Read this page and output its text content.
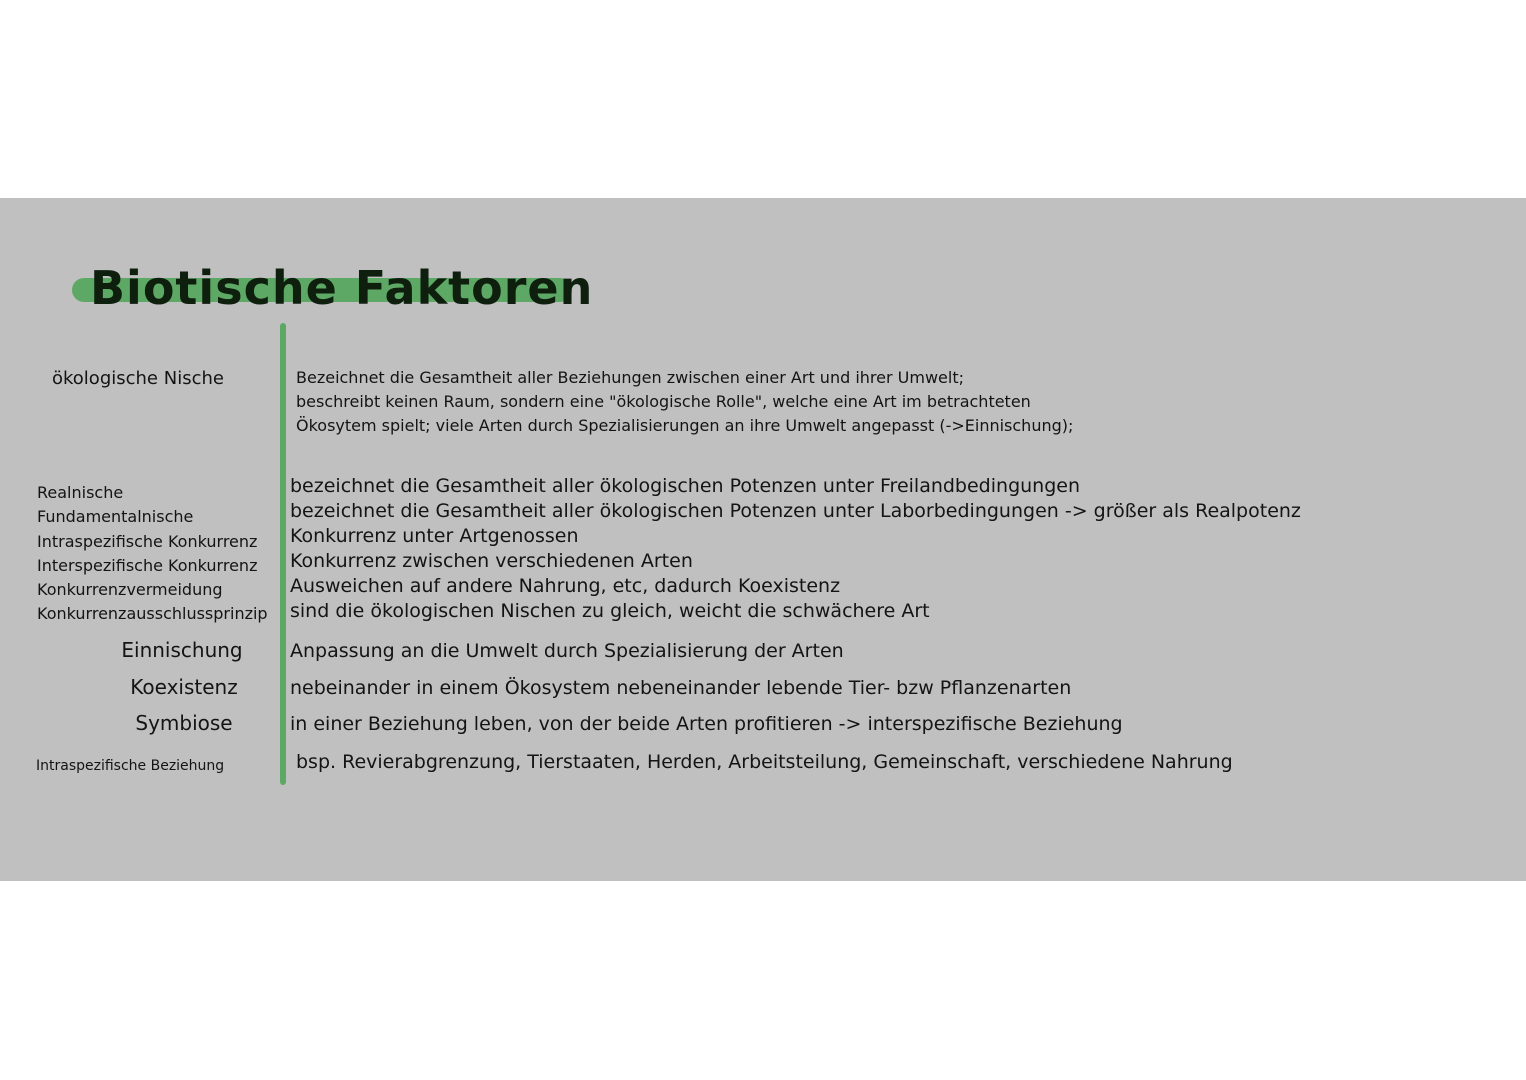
Biotische Faktoren
ökologische Nische	Bezeichnet die Gesamtheit aller Beziehungen zwischen einer Art und ihrer Umwelt;
beschreibt keinen Raum, sondern eine "ökologische Rolle", welche eine Art im betrachteten
Ökosytem spielt; viele Arten durch Spezialisierungen an ihre Umwelt angepasst (->Einnischung);
Realnische	bezeichnet die Gesamtheit aller ökologischen Potenzen unter Freilandbedingungen
Fundamentalnische	bezeichnet die Gesamtheit aller ökologischen Potenzen unter Laborbedingungen -> größer als Realpotenz
Intraspezifische Konkurrenz Konkurrenz unter Artgenossen
Interspezifische Konkurrenz Konkurrenz zwischen verschiedenen Arten
Konkurrenzvermeidung	Ausweichen auf andere Nahrung, etc, dadurch Koexistenz
Konkurrenzausschlussprinzip sind die ökologischen Nischen zu gleich, weicht die schwächere Art
Einnischung	Anpassung an die Umwelt durch Spezialisierung der Arten
Koexistenz	nebeinander in einem Ökosystem nebeneinander lebende Tier- bzw Pflanzenarten
Symbiose	in einer Beziehung leben, von der beide Arten profitieren -> interspezifische Beziehung
Intraspezifische Beziehung	bsp. Revierabgrenzung, Tierstaaten, Herden, Arbeitsteilung, Gemeinschaft, verschiedene Nahrung
